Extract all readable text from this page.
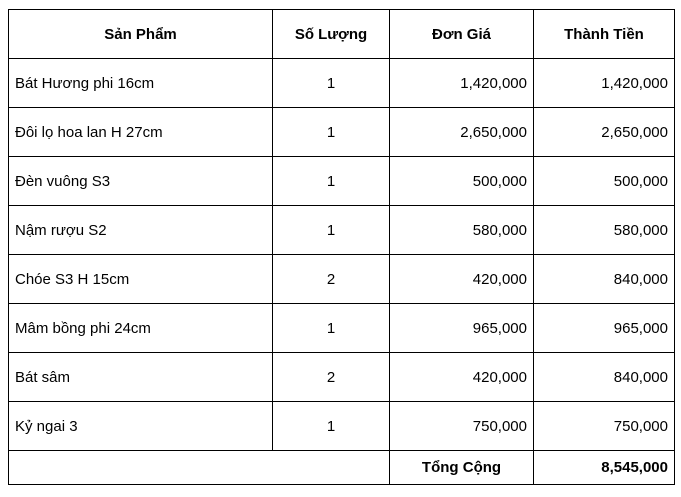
Sản Phẩm	Số Lượng	Đơn Giá	Thành Tiền
Bát Hương phi 16cm	1	1,420,000	1,420,000
Đôi lọ hoa lan H 27cm	1	2,650,000	2,650,000
Đèn vuông S3	1	500,000	500,000
Nậm rượu S2	1	580,000	580,000
Chóe S3 H 15cm	2	420,000	840,000
Mâm bồng phi 24cm	1	965,000	965,000
Bát sâm	2	420,000	840,000
Kỷ ngai 3	1	750,000	750,000
		Tổng Cộng	8,545,000
